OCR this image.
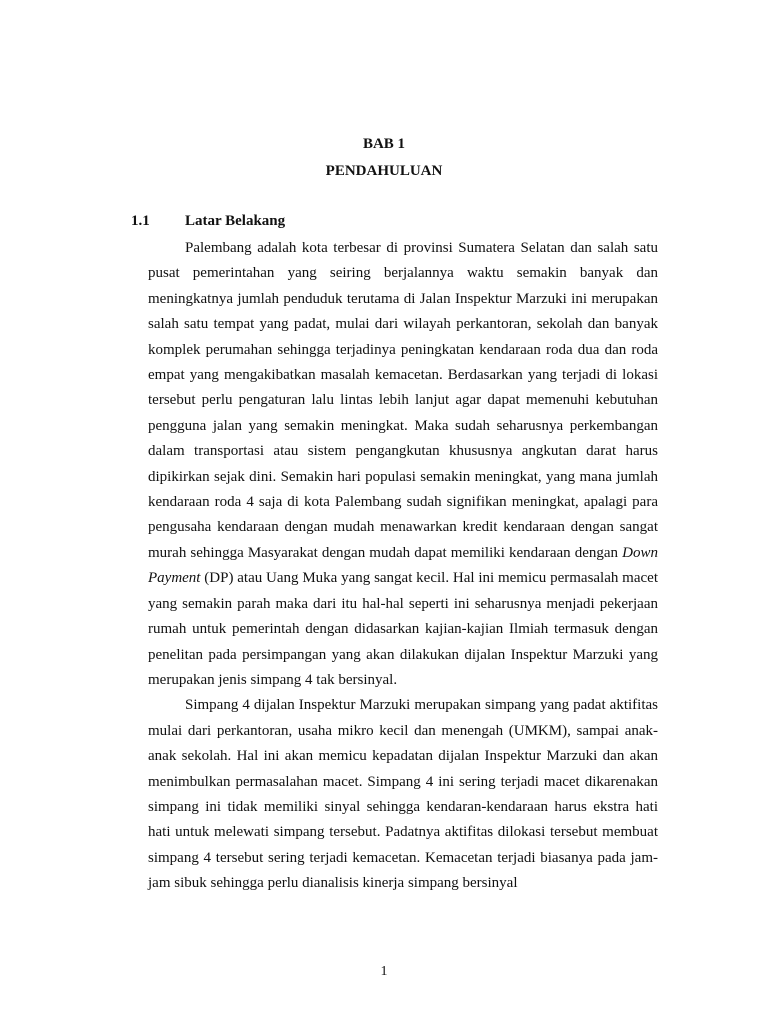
BAB 1
PENDAHULUAN
1.1 Latar Belakang

Palembang adalah kota terbesar di provinsi Sumatera Selatan dan salah satu pusat pemerintahan yang seiring berjalannya waktu semakin banyak dan meningkatnya jumlah penduduk terutama di Jalan Inspektur Marzuki ini merupakan salah satu tempat yang padat, mulai dari wilayah perkantoran, sekolah dan banyak komplek perumahan sehingga terjadinya peningkatan kendaraan roda dua dan roda empat yang mengakibatkan masalah kemacetan. Berdasarkan yang terjadi di lokasi tersebut perlu pengaturan lalu lintas lebih lanjut agar dapat memenuhi kebutuhan pengguna jalan yang semakin meningkat. Maka sudah seharusnya perkembangan dalam transportasi atau sistem pengangkutan khususnya angkutan darat harus dipikirkan sejak dini. Semakin hari populasi semakin meningkat, yang mana jumlah kendaraan roda 4 saja di kota Palembang sudah signifikan meningkat, apalagi para pengusaha kendaraan dengan mudah menawarkan kredit kendaraan dengan sangat murah sehingga Masyarakat dengan mudah dapat memiliki kendaraan dengan Down Payment (DP) atau Uang Muka yang sangat kecil. Hal ini memicu permasalah macet yang semakin parah maka dari itu hal-hal seperti ini seharusnya menjadi pekerjaan rumah untuk pemerintah dengan didasarkan kajian-kajian Ilmiah termasuk dengan penelitan pada persimpangan yang akan dilakukan dijalan Inspektur Marzuki yang merupakan jenis simpang 4 tak bersinyal.

Simpang 4 dijalan Inspektur Marzuki merupakan simpang yang padat aktifitas mulai dari perkantoran, usaha mikro kecil dan menengah (UMKM), sampai anak-anak sekolah. Hal ini akan memicu kepadatan dijalan Inspektur Marzuki dan akan menimbulkan permasalahan macet. Simpang 4 ini sering terjadi macet dikarenakan simpang ini tidak memiliki sinyal sehingga kendaran-kendaraan harus ekstra hati hati untuk melewati simpang tersebut. Padatnya aktifitas dilokasi tersebut membuat simpang 4 tersebut sering terjadi kemacetan. Kemacetan terjadi biasanya pada jam-jam sibuk sehingga perlu dianalisis kinerja simpang bersinyal

1
